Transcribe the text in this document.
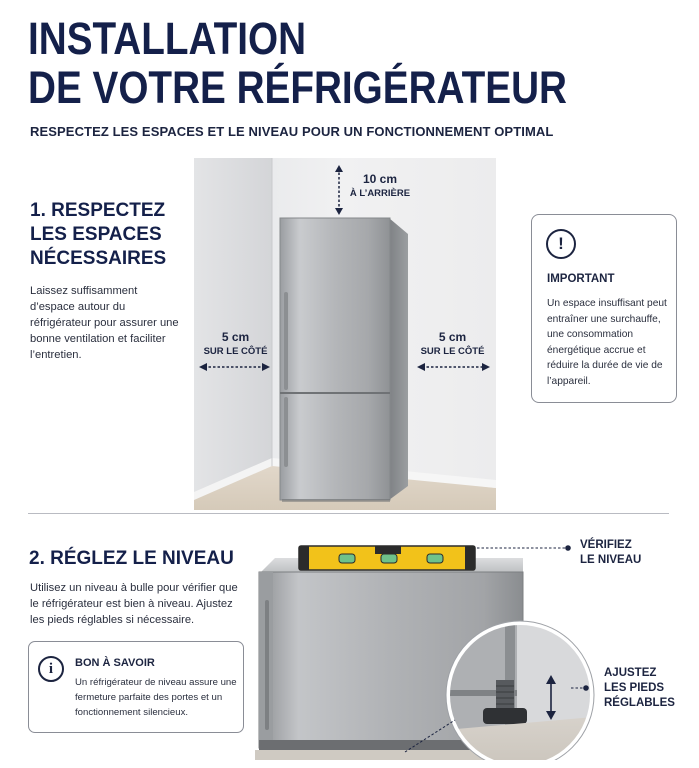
INSTALLATION
DE VOTRE RÉFRIGÉRATEUR
RESPECTEZ LES ESPACES ET LE NIVEAU POUR UN FONCTIONNEMENT OPTIMAL
1. RESPECTEZ
LES ESPACES
NÉCESSAIRES
Laissez suffisamment d’espace autour du réfrigérateur pour assurer une bonne ventilation et faciliter l’entretien.
10 cm
À L’ARRIÈRE
5 cm
SUR LE CÔTÉ
5 cm
SUR LE CÔTÉ
!
IMPORTANT
Un espace insuffisant peut entraîner une surchauffe, une consommation énergétique accrue et réduire la durée de vie de l’appareil.
2. RÉGLEZ LE NIVEAU
Utilisez un niveau à bulle pour vérifier que le réfrigérateur est bien à niveau. Ajustez les pieds réglables si nécessaire.
i	BON À SAVOIR
Un réfrigérateur de niveau assure une fermeture parfaite des portes et un fonctionnement silencieux.
VÉRIFIEZ
LE NIVEAU
AJUSTEZ
LES PIEDS
RÉGLABLES
